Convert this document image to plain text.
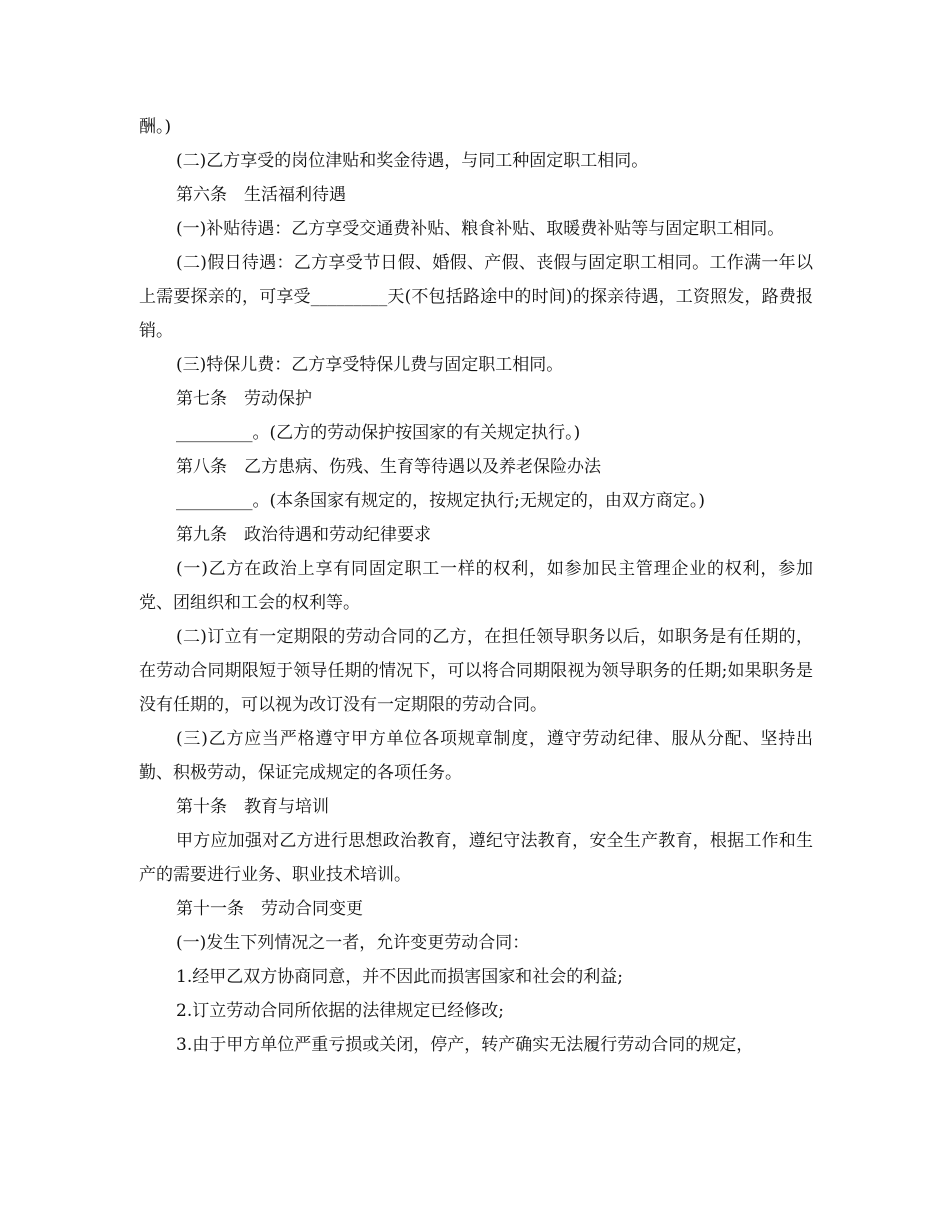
酬。)

(二)乙方享受的岗位津贴和奖金待遇，与同工种固定职工相同。

第六条　生活福利待遇

(一)补贴待遇：乙方享受交通费补贴、粮食补贴、取暖费补贴等与固定职工相同。

(二)假日待遇：乙方享受节日假、婚假、产假、丧假与固定职工相同。工作满一年以上需要探亲的，可享受_________天(不包括路途中的时间)的探亲待遇，工资照发，路费报销。

(三)特保儿费：乙方享受特保儿费与固定职工相同。

第七条　劳动保护

_________。(乙方的劳动保护按国家的有关规定执行。)

第八条　乙方患病、伤残、生育等待遇以及养老保险办法

_________。(本条国家有规定的，按规定执行;无规定的，由双方商定。)

第九条　政治待遇和劳动纪律要求

(一)乙方在政治上享有同固定职工一样的权利，如参加民主管理企业的权利，参加党、团组织和工会的权利等。

(二)订立有一定期限的劳动合同的乙方，在担任领导职务以后，如职务是有任期的，在劳动合同期限短于领导任期的情况下，可以将合同期限视为领导职务的任期;如果职务是没有任期的，可以视为改订没有一定期限的劳动合同。

(三)乙方应当严格遵守甲方单位各项规章制度，遵守劳动纪律、服从分配、坚持出勤、积极劳动，保证完成规定的各项任务。

第十条　教育与培训

甲方应加强对乙方进行思想政治教育，遵纪守法教育，安全生产教育，根据工作和生产的需要进行业务、职业技术培训。

第十一条　劳动合同变更

(一)发生下列情况之一者，允许变更劳动合同：

1.经甲乙双方协商同意，并不因此而损害国家和社会的利益;

2.订立劳动合同所依据的法律规定已经修改;

3.由于甲方单位严重亏损或关闭，停产，转产确实无法履行劳动合同的规定，
